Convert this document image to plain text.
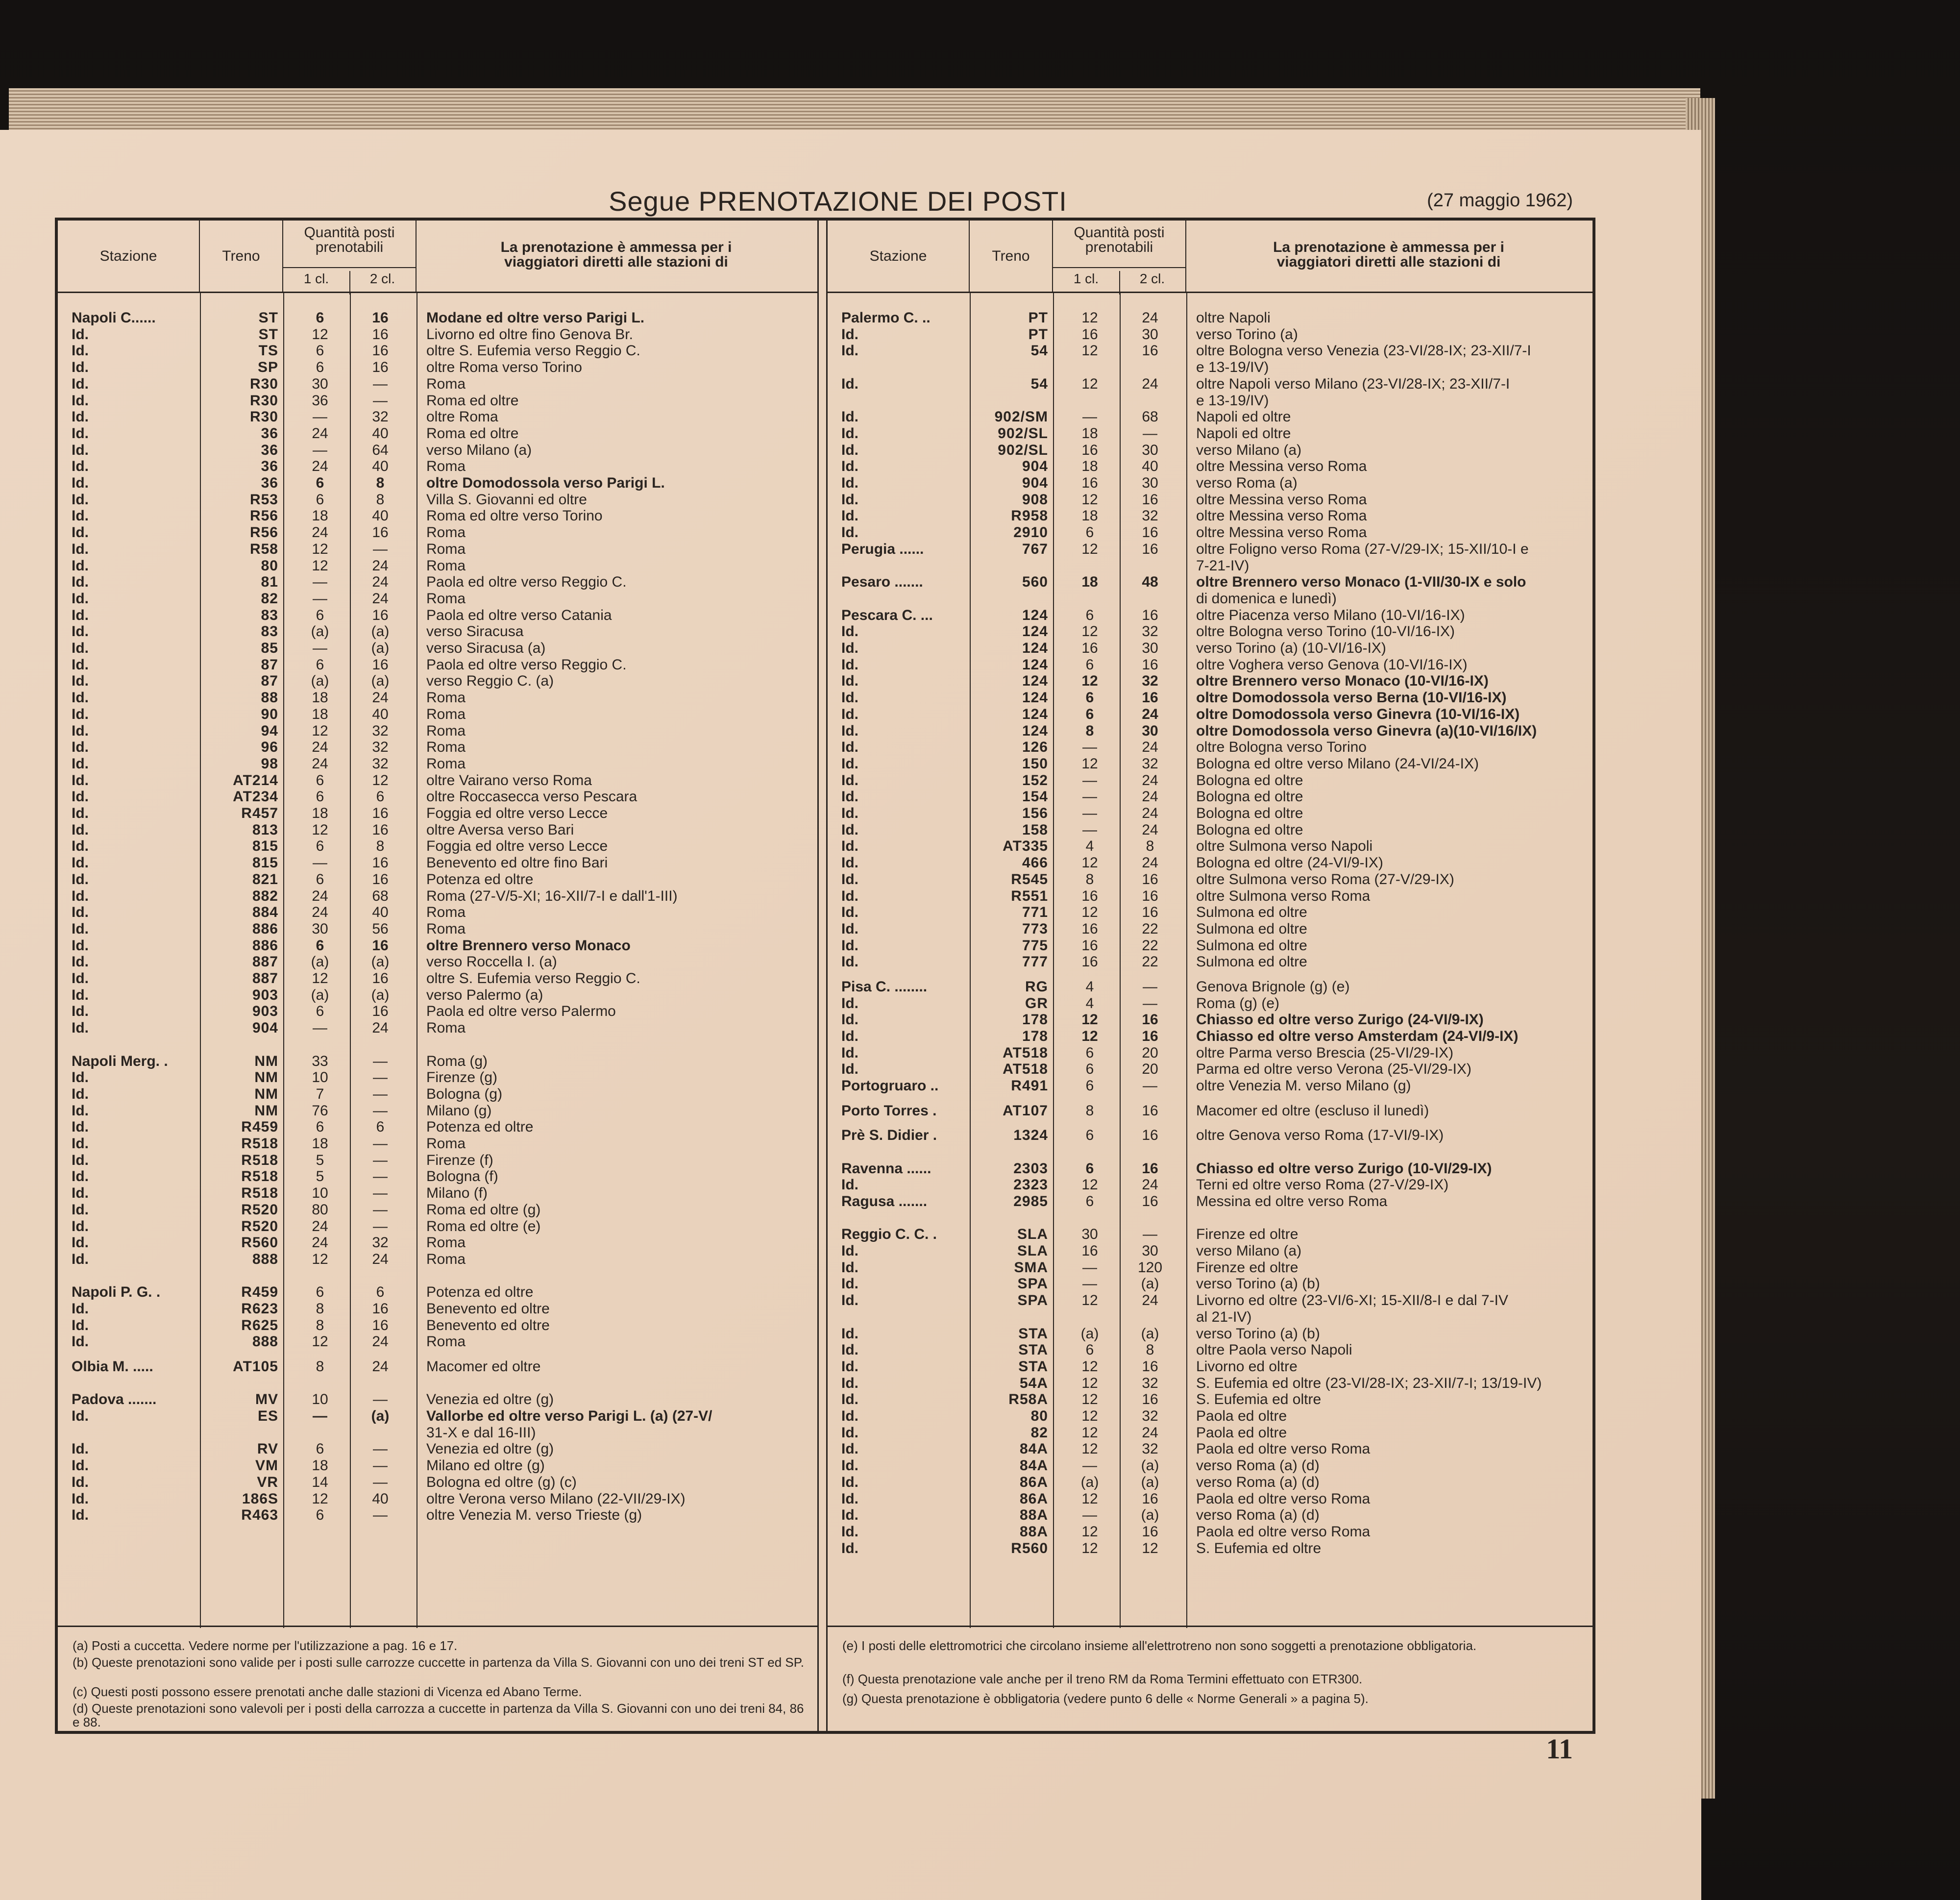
Segue PRENOTAZIONE DEI POSTI	(27 maggio 1962)
Stazione	Treno
Quantità posti prenotabili
1 cl.	2 cl.
La prenotazione è ammessa per i viaggiatori diretti alle stazioni di
Napoli C......	ST	6	16	Modane ed oltre verso Parigi L.
Id.	ST	12	16	Livorno ed oltre fino Genova Br.
Id.	TS	6	16	oltre S. Eufemia verso Reggio C.
Id.	SP	6	16	oltre Roma verso Torino
Id.	R30	30	—	Roma
Id.	R30	36	—	Roma ed oltre
Id.	R30	—	32	oltre Roma
Id.	36	24	40	Roma ed oltre
Id.	36	—	64	verso Milano (a)
Id.	36	24	40	Roma
Id.	36	6	8	oltre Domodossola verso Parigi L.
Id.	R53	6	8	Villa S. Giovanni ed oltre
Id.	R56	18	40	Roma ed oltre verso Torino
Id.	R56	24	16	Roma
Id.	R58	12	—	Roma
Id.	80	12	24	Roma
Id.	81	—	24	Paola ed oltre verso Reggio C.
Id.	82	—	24	Roma
Id.	83	6	16	Paola ed oltre verso Catania
Id.	83	(a)	(a)	verso Siracusa
Id.	85	—	(a)	verso Siracusa (a)
Id.	87	6	16	Paola ed oltre verso Reggio C.
Id.	87	(a)	(a)	verso Reggio C. (a)
Id.	88	18	24	Roma
Id.	90	18	40	Roma
Id.	94	12	32	Roma
Id.	96	24	32	Roma
Id.	98	24	32	Roma
Id.	AT214	6	12	oltre Vairano verso Roma
Id.	AT234	6	6	oltre Roccasecca verso Pescara
Id.	R457	18	16	Foggia ed oltre verso Lecce
Id.	813	12	16	oltre Aversa verso Bari
Id.	815	6	8	Foggia ed oltre verso Lecce
Id.	815	—	16	Benevento ed oltre fino Bari
Id.	821	6	16	Potenza ed oltre
Id.	882	24	68	Roma (27-V/5-XI; 16-XII/7-I e dall'1-III)
Id.	884	24	40	Roma
Id.	886	30	56	Roma
Id.	886	6	16	oltre Brennero verso Monaco
Id.	887	(a)	(a)	verso Roccella I. (a)
Id.	887	12	16	oltre S. Eufemia verso Reggio C.
Id.	903	(a)	(a)	verso Palermo (a)
Id.	903	6	16	Paola ed oltre verso Palermo
Id.	904	—	24	Roma
Napoli Merg. .	NM	33	—	Roma (g)
Id.	NM	10	—	Firenze (g)
Id.	NM	7	—	Bologna (g)
Id.	NM	76	—	Milano (g)
Id.	R459	6	6	Potenza ed oltre
Id.	R518	18	—	Roma
Id.	R518	5	—	Firenze (f)
Id.	R518	5	—	Bologna (f)
Id.	R518	10	—	Milano (f)
Id.	R520	80	—	Roma ed oltre (g)
Id.	R520	24	—	Roma ed oltre (e)
Id.	R560	24	32	Roma
Id.	888	12	24	Roma
Napoli P. G. .	R459	6	6	Potenza ed oltre
Id.	R623	8	16	Benevento ed oltre
Id.	R625	8	16	Benevento ed oltre
Id.	888	12	24	Roma
Olbia M. .....	AT105	8	24	Macomer ed oltre
Padova .......	MV	10	—	Venezia ed oltre (g)
Id.	ES	—	(a)	Vallorbe ed oltre verso Parigi L. (a) (27-V/
31-X e dal 16-III)
Id.	RV	6	—	Venezia ed oltre (g)
Id.	VM	18	—	Milano ed oltre (g)
Id.	VR	14	—	Bologna ed oltre (g) (c)
Id.	186S	12	40	oltre Verona verso Milano (22-VII/29-IX)
Id.	R463	6	—	oltre Venezia M. verso Trieste (g)
(a) Posti a cuccetta. Vedere norme per l'utilizzazione a pag. 16 e 17.
(b) Queste prenotazioni sono valide per i posti sulle carrozze cuccette in partenza da Villa S. Giovanni con uno dei treni ST ed SP.
(c) Questi posti possono essere prenotati anche dalle stazioni di Vicenza ed Abano Terme.
(d) Queste prenotazioni sono valevoli per i posti della carrozza a cuccette in partenza da Villa S. Giovanni con uno dei treni 84, 86 e 88.
Stazione	Treno
Quantità posti prenotabili
1 cl.	2 cl.
La prenotazione è ammessa per i viaggiatori diretti alle stazioni di
Palermo C. ..	PT	12	24	oltre Napoli
Id.	PT	16	30	verso Torino (a)
Id.	54	12	16	oltre Bologna verso Venezia (23-VI/28-IX; 23-XII/7-I
e 13-19/IV)
Id.	54	12	24	oltre Napoli verso Milano (23-VI/28-IX; 23-XII/7-I
e 13-19/IV)
Id.	902/SM	—	68	Napoli ed oltre
Id.	902/SL	18	—	Napoli ed oltre
Id.	902/SL	16	30	verso Milano (a)
Id.	904	18	40	oltre Messina verso Roma
Id.	904	16	30	verso Roma (a)
Id.	908	12	16	oltre Messina verso Roma
Id.	R958	18	32	oltre Messina verso Roma
Id.	2910	6	16	oltre Messina verso Roma
Perugia ......	767	12	16	oltre Foligno verso Roma (27-V/29-IX; 15-XII/10-I e
7-21-IV)
Pesaro .......	560	18	48	oltre Brennero verso Monaco (1-VII/30-IX e solo
di domenica e lunedì)
Pescara C. ...	124	6	16	oltre Piacenza verso Milano (10-VI/16-IX)
Id.	124	12	32	oltre Bologna verso Torino (10-VI/16-IX)
Id.	124	16	30	verso Torino (a) (10-VI/16-IX)
Id.	124	6	16	oltre Voghera verso Genova (10-VI/16-IX)
Id.	124	12	32	oltre Brennero verso Monaco (10-VI/16-IX)
Id.	124	6	16	oltre Domodossola verso Berna (10-VI/16-IX)
Id.	124	6	24	oltre Domodossola verso Ginevra (10-VI/16-IX)
Id.	124	8	30	oltre Domodossola verso Ginevra (a)(10-VI/16/IX)
Id.	126	—	24	oltre Bologna verso Torino
Id.	150	12	32	Bologna ed oltre verso Milano (24-VI/24-IX)
Id.	152	—	24	Bologna ed oltre
Id.	154	—	24	Bologna ed oltre
Id.	156	—	24	Bologna ed oltre
Id.	158	—	24	Bologna ed oltre
Id.	AT335	4	8	oltre Sulmona verso Napoli
Id.	466	12	24	Bologna ed oltre (24-VI/9-IX)
Id.	R545	8	16	oltre Sulmona verso Roma (27-V/29-IX)
Id.	R551	16	16	oltre Sulmona verso Roma
Id.	771	12	16	Sulmona ed oltre
Id.	773	16	22	Sulmona ed oltre
Id.	775	16	22	Sulmona ed oltre
Id.	777	16	22	Sulmona ed oltre
Pisa C. ........	RG	4	—	Genova Brignole (g) (e)
Id.	GR	4	—	Roma (g) (e)
Id.	178	12	16	Chiasso ed oltre verso Zurigo (24-VI/9-IX)
Id.	178	12	16	Chiasso ed oltre verso Amsterdam (24-VI/9-IX)
Id.	AT518	6	20	oltre Parma verso Brescia (25-VI/29-IX)
Id.	AT518	6	20	Parma ed oltre verso Verona (25-VI/29-IX)
Portogruaro ..	R491	6	—	oltre Venezia M. verso Milano (g)
Porto Torres .	AT107	8	16	Macomer ed oltre (escluso il lunedì)
Prè S. Didier .	1324	6	16	oltre Genova verso Roma (17-VI/9-IX)
Ravenna ......	2303	6	16	Chiasso ed oltre verso Zurigo (10-VI/29-IX)
Id.	2323	12	24	Terni ed oltre verso Roma (27-V/29-IX)
Ragusa .......	2985	6	16	Messina ed oltre verso Roma
Reggio C. C. .	SLA	30	—	Firenze ed oltre
Id.	SLA	16	30	verso Milano (a)
Id.	SMA	—	120	Firenze ed oltre
Id.	SPA	—	(a)	verso Torino (a) (b)
Id.	SPA	12	24	Livorno ed oltre (23-VI/6-XI; 15-XII/8-I e dal 7-IV
al 21-IV)
Id.	STA	(a)	(a)	verso Torino (a) (b)
Id.	STA	6	8	oltre Paola verso Napoli
Id.	STA	12	16	Livorno ed oltre
Id.	54A	12	32	S. Eufemia ed oltre (23-VI/28-IX; 23-XII/7-I; 13/19-IV)
Id.	R58A	12	16	S. Eufemia ed oltre
Id.	80	12	32	Paola ed oltre
Id.	82	12	24	Paola ed oltre
Id.	84A	12	32	Paola ed oltre verso Roma
Id.	84A	—	(a)	verso Roma (a) (d)
Id.	86A	(a)	(a)	verso Roma (a) (d)
Id.	86A	12	16	Paola ed oltre verso Roma
Id.	88A	—	(a)	verso Roma (a) (d)
Id.	88A	12	16	Paola ed oltre verso Roma
Id.	R560	12	12	S. Eufemia ed oltre
(e) I posti delle elettromotrici che circolano insieme all'elettrotreno non sono soggetti a prenotazione obbligatoria.
(f) Questa prenotazione vale anche per il treno RM da Roma Termini effettuato con ETR300.
(g) Questa prenotazione è obbligatoria (vedere punto 6 delle « Norme Generali » a pagina 5).
11
